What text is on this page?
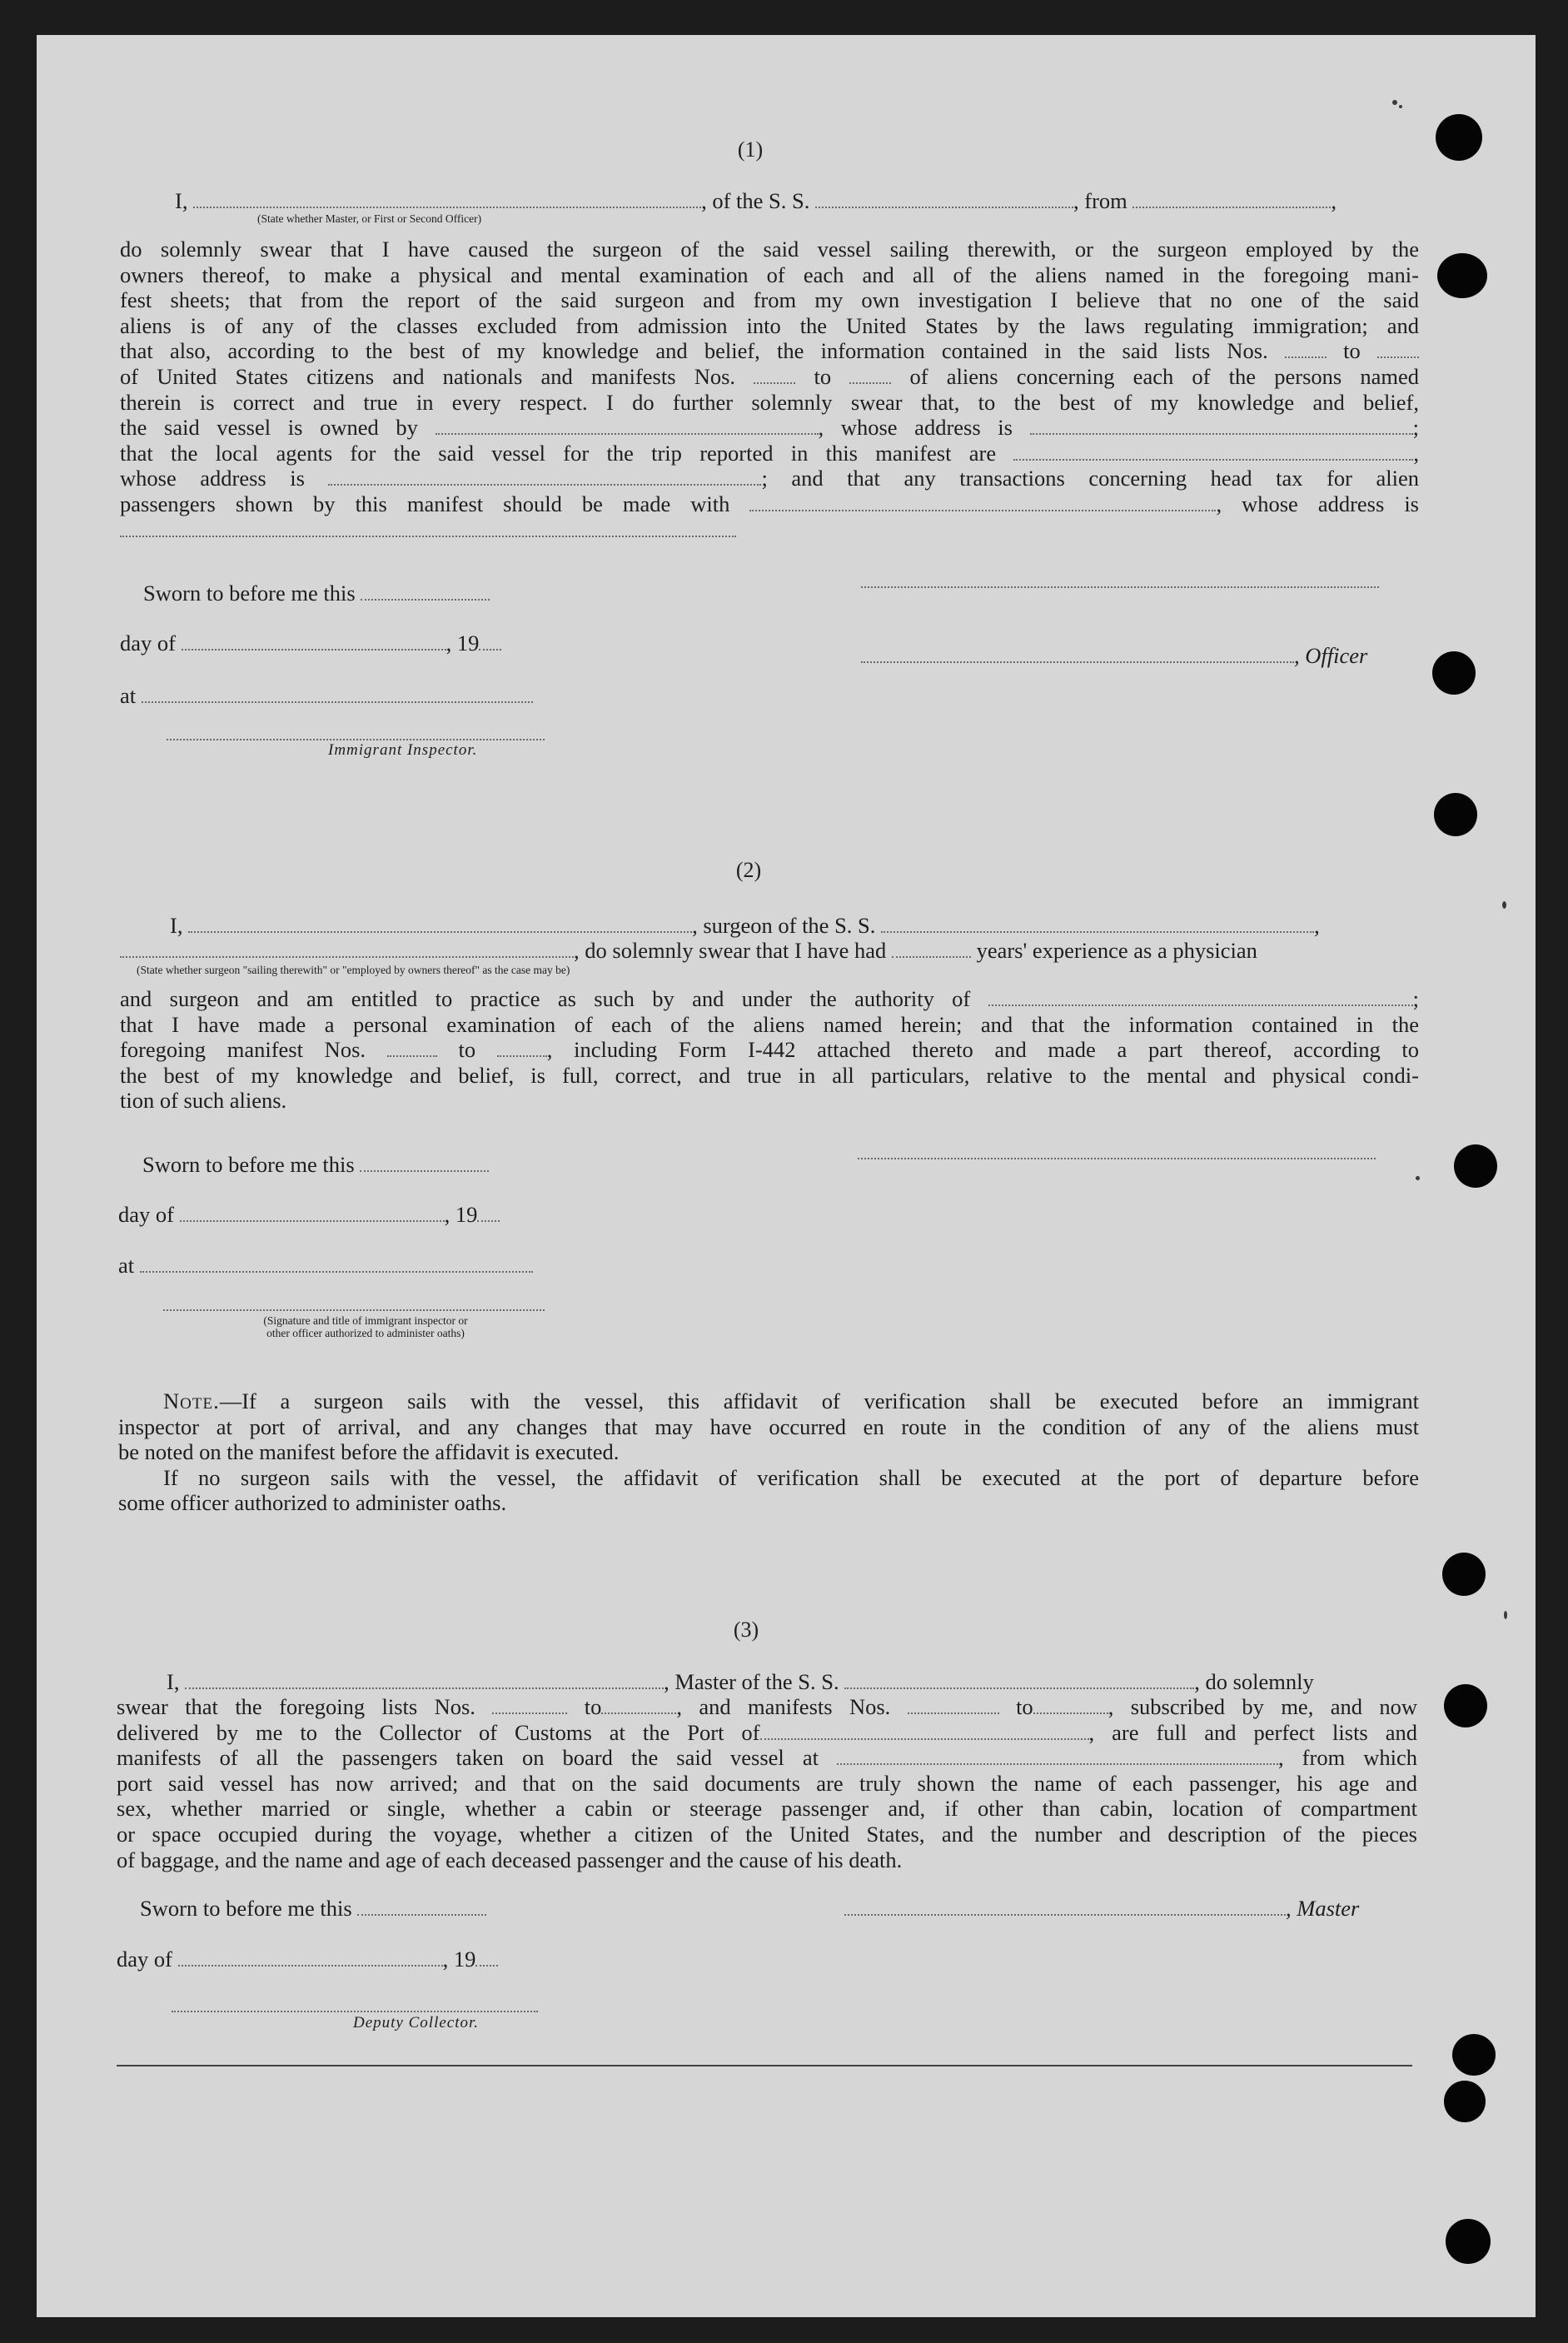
(1)
I,	, of the S. S.	, from	,
(State whether Master, or First or Second Officer)
do solemnly swear that I have caused the surgeon of the said vessel sailing therewith, or the surgeon employed by the
owners thereof, to make a physical and mental examination of each and all of the aliens named in the foregoing mani-
fest sheets; that from the report of the said surgeon and from my own investigation I believe that no one of the said
aliens is of any of the classes excluded from admission into the United States by the laws regulating immigration; and
that also, according to the best of my knowledge and belief, the information contained in the said lists Nos.	to
of United States citizens and nationals and manifests Nos.	to	of aliens concerning each of the persons named
therein is correct and true in every respect. I do further solemnly swear that, to the best of my knowledge and belief,
the said vessel is owned by	, whose address is	;
that the local agents for the said vessel for the trip reported in this manifest are	,
whose address is	; and that any transactions concerning head tax for alien
passengers shown by this manifest should be made with	, whose address is
Sworn to before me this
day of	, 19	, Officer
at
Immigrant Inspector.
(2)
I,	, surgeon of the S. S.	,
, do solemnly swear that I have had	years' experience as a physician
(State whether surgeon "sailing therewith" or "employed by owners thereof" as the case may be)
and surgeon and am entitled to practice as such by and under the authority of	;
that I have made a personal examination of each of the aliens named herein; and that the information contained in the
foregoing manifest Nos.	to	, including Form I-442 attached thereto and made a part thereof, according to
the best of my knowledge and belief, is full, correct, and true in all particulars, relative to the mental and physical condi-
tion of such aliens.
Sworn to before me this
day of	, 19
at
(Signature and title of immigrant inspector or
other officer authorized to administer oaths)
Note.—If a surgeon sails with the vessel, this affidavit of verification shall be executed before an immigrant
inspector at port of arrival, and any changes that may have occurred en route in the condition of any of the aliens must
be noted on the manifest before the affidavit is executed.
If no surgeon sails with the vessel, the affidavit of verification shall be executed at the port of departure before
some officer authorized to administer oaths.
(3)
I,	, Master of the S. S.	, do solemnly
swear that the foregoing lists Nos.	to	, and manifests Nos.	to	, subscribed by me, and now
delivered by me to the Collector of Customs at the Port of	, are full and perfect lists and
manifests of all the passengers taken on board the said vessel at	, from which
port said vessel has now arrived; and that on the said documents are truly shown the name of each passenger, his age and
sex, whether married or single, whether a cabin or steerage passenger and, if other than cabin, location of compartment
or space occupied during the voyage, whether a citizen of the United States, and the number and description of the pieces
of baggage, and the name and age of each deceased passenger and the cause of his death.
Sworn to before me this	, Master
day of	, 19
Deputy Collector.
